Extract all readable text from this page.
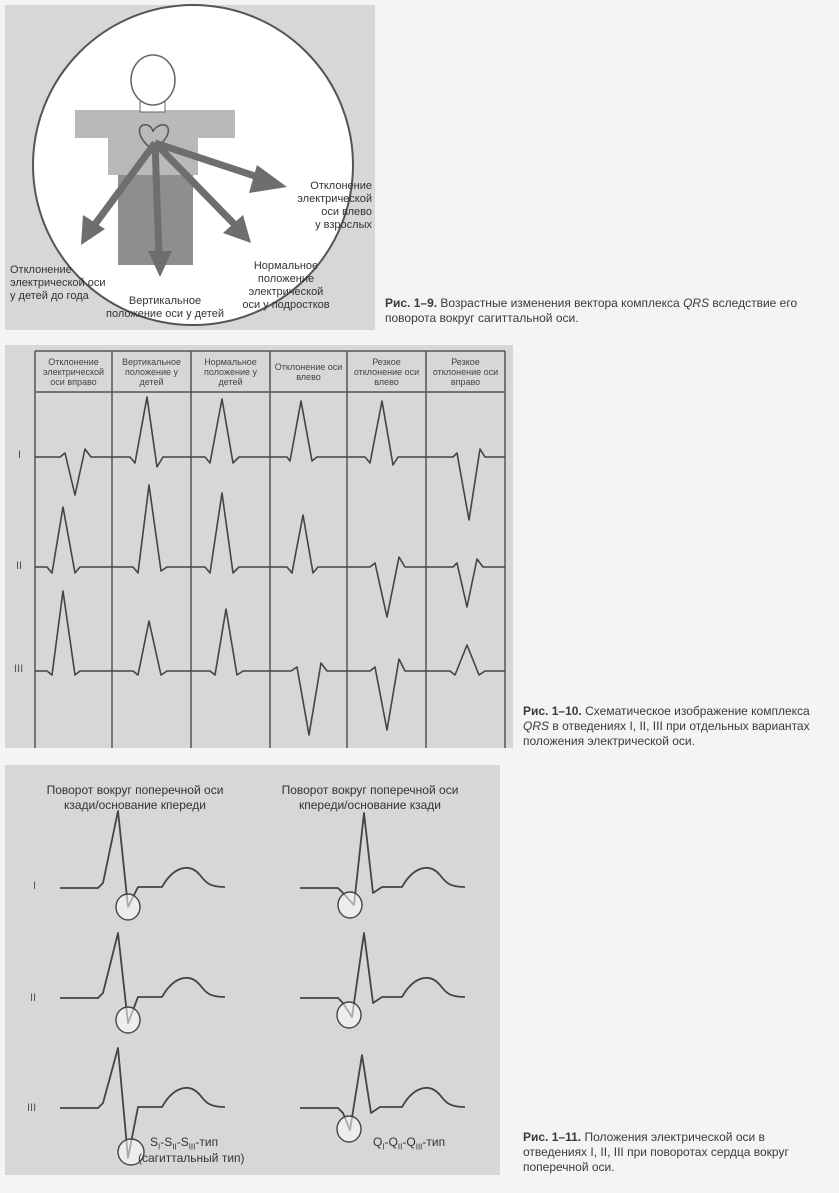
Отклонение
электрической
оси влево
у взрослых
Отклонение
электрической оси
у детей до года	Вертикальное
положение оси у детей
Нормальное
положение
электрической
оси у подростков	Рис. 1–9. Возрастные изменения вектора комплекса QRS вследствие его поворота вокруг сагиттальной оси.
Отклонение электрической оси вправо
Вертикальное положение у детей
Нормальное положение у детей
Отклонение оси влево
Резкое отклонение оси влево
Резкое отклонение оси вправо
I
II
III
Рис. 1–10. Схематическое изображение комплекса QRS в отведениях I, II, III при отдельных вариантах положения электрической оси.
Поворот вокруг поперечной оси
кзади/основание кпереди
Поворот вокруг поперечной оси
кпереди/основание кзади
I
II
III
$S_I-S_{II}-S_{III}$-тип
(сагиттальный тип)
$Q_I-Q_{II}-Q_{III}$-тип	Рис. 1–11. Положения электрической оси в отведениях I, II, III при поворотах сердца вокруг поперечной оси.
